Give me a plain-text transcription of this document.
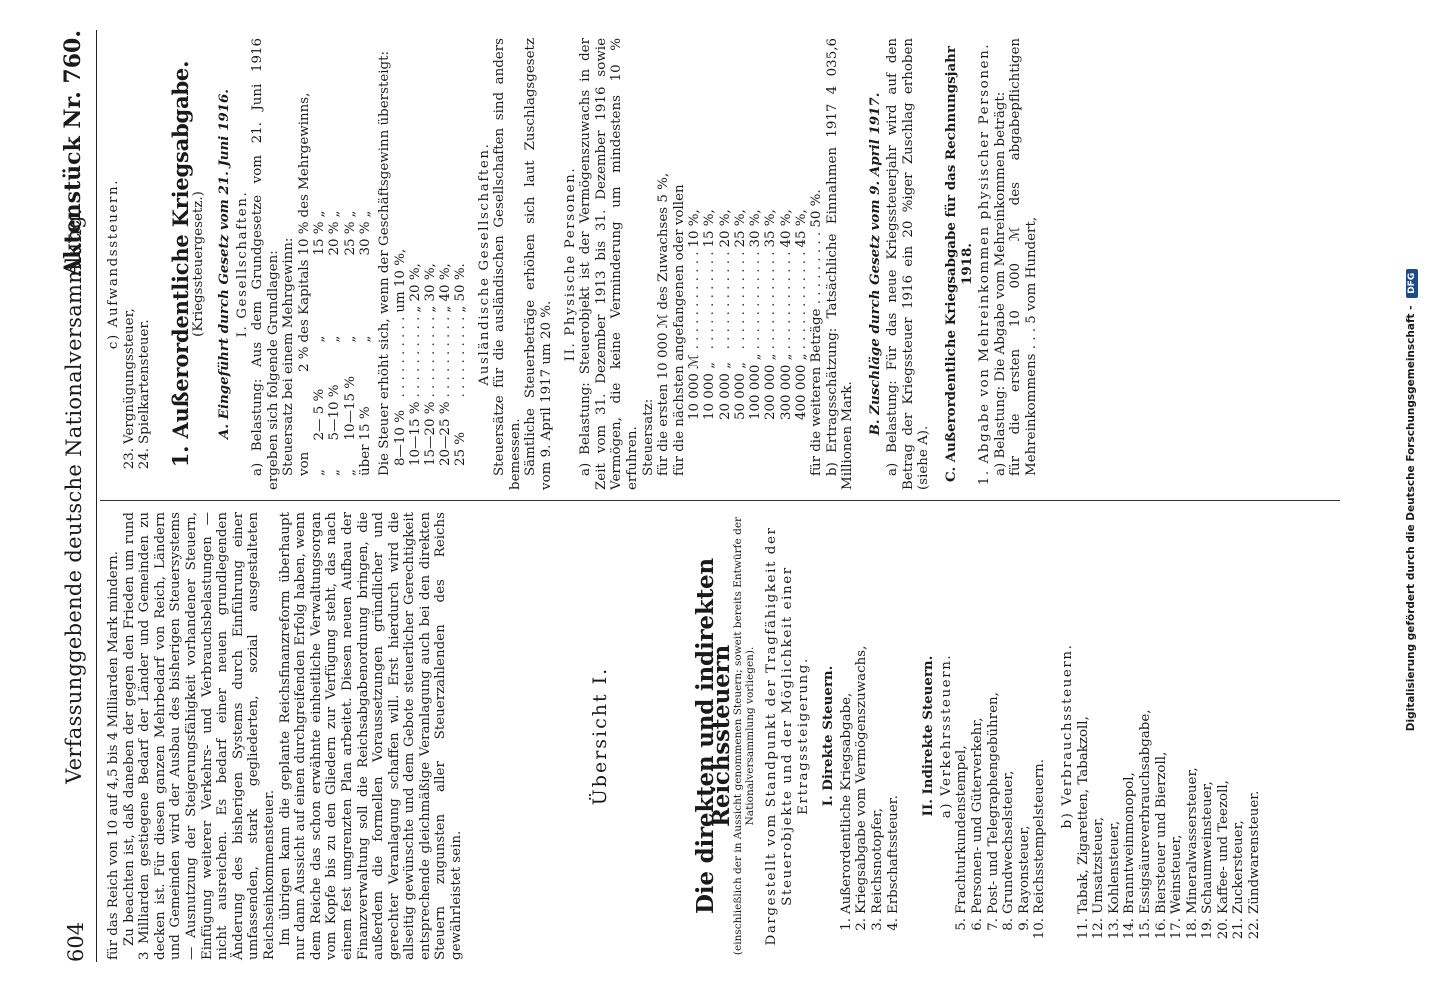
604
Verfassunggebende deutsche Nationalversammlung.
Aktenstück Nr. 760.

für das Reich von 10 auf 4,5 bis 4 Milliarden Mark mindern. Zu beachten ist, daß daneben der gegen den Frieden um rund 3 Milliarden gestiegene Bedarf der Länder und Gemeinden zu decken ist. Für diesen ganzen Mehrbedarf von Reich, Ländern und Gemeinden wird der Ausbau des bisherigen Steuersystems — Ausnutzung der Steigerungsfähigkeit vorhandener Steuern, Einfügung weiterer Verkehrs- und Verbrauchsbelastungen — nicht ausreichen. Es bedarf einer neuen grundlegenden Änderung des bisherigen Systems durch Einführung einer umfassenden, stark gegliederten, sozial ausgestalteten Reichseinkommensteuer. Im übrigen kann die geplante Reichsfinanzreform überhaupt nur dann Aussicht auf einen durchgreifenden Erfolg haben, wenn dem Reiche das schon erwähnte einheitliche Verwaltungsorgan vom Kopfe bis zu den Gliedern zur Verfügung steht, das nach einem fest umgrenzten Plan arbeitet. Diesen neuen Aufbau der Finanzverwaltung soll die Reichsabgabenordnung bringen, die außerdem die formellen Voraussetzungen gründlicher und gerechter Veranlagung schaffen will. Erst hierdurch wird die allseitig gewünschte und dem Gebote steuerlicher Gerechtigkeit entsprechende gleichmäßige Veranlagung auch bei den direkten Steuern zugunsten aller Steuerzahlenden des Reichs gewährleistet sein.

Übersicht I.	Die direkten und indirekten Reichssteuern

(einschließlich der in Aussicht genommenen Steuern; soweit bereits Entwürfe der Nationalversammlung vorliegen). Dargestellt vom Standpunkt der Tragfähigkeit der Steuerobjekte und der Möglichkeit einer Ertragssteigerung. I. Direkte Steuern.
1.
Außerordentliche Kriegsabgabe,
2.
Kriegsabgabe vom Vermögenszuwachs,
3.
Reichsnotopfer,
4.
Erbschaftssteuer.
II. Indirekte Steuern. a) Verkehrssteuern.
5.
Frachturkundenstempel,
6.
Personen- und Güterverkehr,
7.
Post- und Telegraphengebühren,
8.
Grundwechselsteuer,
9.
Rayonsteuer,
10.
Reichsstempelsteuern.
b) Verbrauchssteuern.
11.
Tabak, Zigaretten, Tabakzoll,
12.
Umsatzsteuer,
13.
Kohlensteuer,
14.
Branntweinmonopol,
15.
Essigsäureverbrauchsabgabe,
16.
Biersteuer und Bierzoll,
17.
Weinsteuer,
18.
Mineralwassersteuer,
19.
Schaumweinsteuer,
20.
Kaffee- und Teezoll,
21.
Zuckersteuer,
22.
Zündwarensteuer.
c) Aufwandssteuern.
23.
Vergnügungssteuer,
24.
Spielkartensteuer. 1. Außerordentliche Kriegsabgabe.
(Kriegssteuergesetz.) A. Eingeführt durch Gesetz vom 21. Juni 1916. I. Gesellschaften. a) Belastung: Aus dem Grundgesetze vom 21. Juni 1916 ergeben sich folgende Grundlagen: Steuersatz bei einem Mehrgewinn: von		2 %	des Kapitals	10 %	des Mehrgewinns,
„	2— 5 %		„	15 %	„
„	5—10 %		„	20 %	„
„	10—15 %		„	25 %	„
über	15 %		„	30 %	„ Die Steuer erhöht sich, wenn der Geschäftsgewinn übersteigt: 8—10 %	. . . . . . . . . .	um 10 %,
10—15 %	. . . . . . . . . .	„ 20 %,
15—20 %	. . . . . . . . . .	„ 30 %,
20—25 %	. . . . . . . . . .	„ 40 %,
25 %	. . . . . . . . . .	„ 50 %. Ausländische Gesellschaften. Steuersätze für die ausländischen Gesellschaften sind anders bemessen. Sämtliche Steuerbeträge erhöhen sich laut Zuschlagsgesetz vom 9. April 1917 um 20 %.

II. Physische Personen. a) Belastung: Steuerobjekt ist der Vermögenszuwachs in der Zeit vom 31. Dezember 1913 bis 31. Dezember 1916 sowie Vermögen, die keine Verminderung um mindestens 10 % erfuhren. Steuersatz: für die ersten 10 000 ℳ des Zuwachses 5 %, für die nächsten angefangenen oder vollen 10 000 ℳ	. . . . . . . . . . . .	10 %,
10 000 „	. . . . . . . . . . . .	15 %,
20 000 „	. . . . . . . . . . . .	20 %,
50 000 „	. . . . . . . . . . . .	25 %,
100 000 „	. . . . . . . . . . . .	30 %,
200 000 „	. . . . . . . . . . . .	35 %,
300 000 „	. . . . . . . . . . . .	40 %,
400 000 „	. . . . . . . . . . . .	45 %,

für die weiteren Beträge . . . . . . . . . 50 %. b) Ertragsschätzung: Tatsächliche Einnahmen 1917 4 035,6 Millionen Mark.

B. Zuschläge durch Gesetz vom 9. April 1917. a) Belastung: Für das neue Kriegssteuerjahr wird auf den Betrag der Kriegssteuer 1916 ein 20 %iger Zuschlag erhoben (siehe A). C. Außerordentliche Kriegsabgabe für das Rechnungsjahr 1918. 1. Abgabe von Mehreinkommen physischer Personen. a) Belastung: Die Abgabe vom Mehreinkommen beträgt: für die ersten 10 000 ℳ des abgabepflichtigen Mehreinkommens . . . 5 vom Hundert,	Digitalisierung gefördert durch die Deutsche Forschungsgemeinschaft - DFG
